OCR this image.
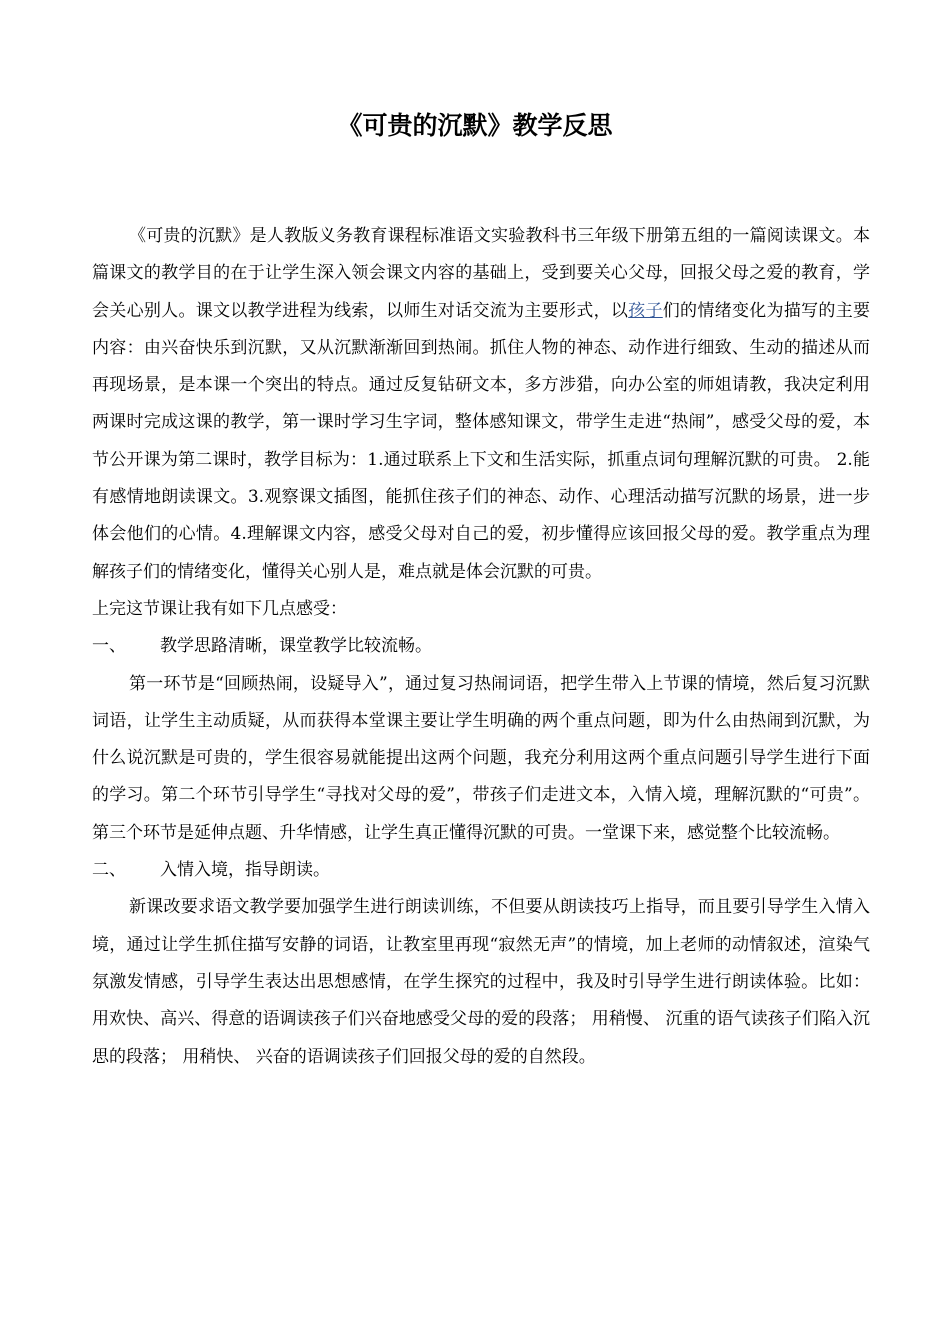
《可贵的沉默》教学反思

《可贵的沉默》是人教版义务教育课程标准语文实验教科书三年级下册第五组的一篇阅读课文。本篇课文的教学目的在于让学生深入领会课文内容的基础上，受到要关心父母，回报父母之爱的教育，学会关心别人。课文以教学进程为线索，以师生对话交流为主要形式，以孩子们的情绪变化为描写的主要内容：由兴奋快乐到沉默，又从沉默渐渐回到热闹。抓住人物的神态、动作进行细致、生动的描述从而再现场景，是本课一个突出的特点。通过反复钻研文本，多方涉猎，向办公室的师姐请教，我决定利用两课时完成这课的教学，第一课时学习生字词，整体感知课文，带学生走进“热闹”，感受父母的爱，本节公开课为第二课时，教学目标为：1.通过联系上下文和生活实际，抓重点词句理解沉默的可贵。 2.能有感情地朗读课文。3.观察课文插图，能抓住孩子们的神态、动作、心理活动描写沉默的场景，进一步体会他们的心情。4.理解课文内容，感受父母对自己的爱，初步懂得应该回报父母的爱。教学重点为理解孩子们的情绪变化，懂得关心别人是，难点就是体会沉默的可贵。

上完这节课让我有如下几点感受：

一、 教学思路清晰，课堂教学比较流畅。

第一环节是“回顾热闹，设疑导入”，通过复习热闹词语，把学生带入上节课的情境，然后复习沉默词语，让学生主动质疑，从而获得本堂课主要让学生明确的两个重点问题，即为什么由热闹到沉默，为什么说沉默是可贵的，学生很容易就能提出这两个问题，我充分利用这两个重点问题引导学生进行下面的学习。第二个环节引导学生“寻找对父母的爱”，带孩子们走进文本，入情入境，理解沉默的“可贵”。第三个环节是延伸点题、升华情感，让学生真正懂得沉默的可贵。一堂课下来，感觉整个比较流畅。

二、 入情入境，指导朗读。

新课改要求语文教学要加强学生进行朗读训练，不但要从朗读技巧上指导，而且要引导学生入情入境，通过让学生抓住描写安静的词语，让教室里再现“寂然无声”的情境，加上老师的动情叙述，渲染气氛激发情感，引导学生表达出思想感情，在学生探究的过程中，我及时引导学生进行朗读体验。比如：用欢快、高兴、得意的语调读孩子们兴奋地感受父母的爱的段落； 用稍慢、 沉重的语气读孩子们陷入沉思的段落； 用稍快、 兴奋的语调读孩子们回报父母的爱的自然段。
